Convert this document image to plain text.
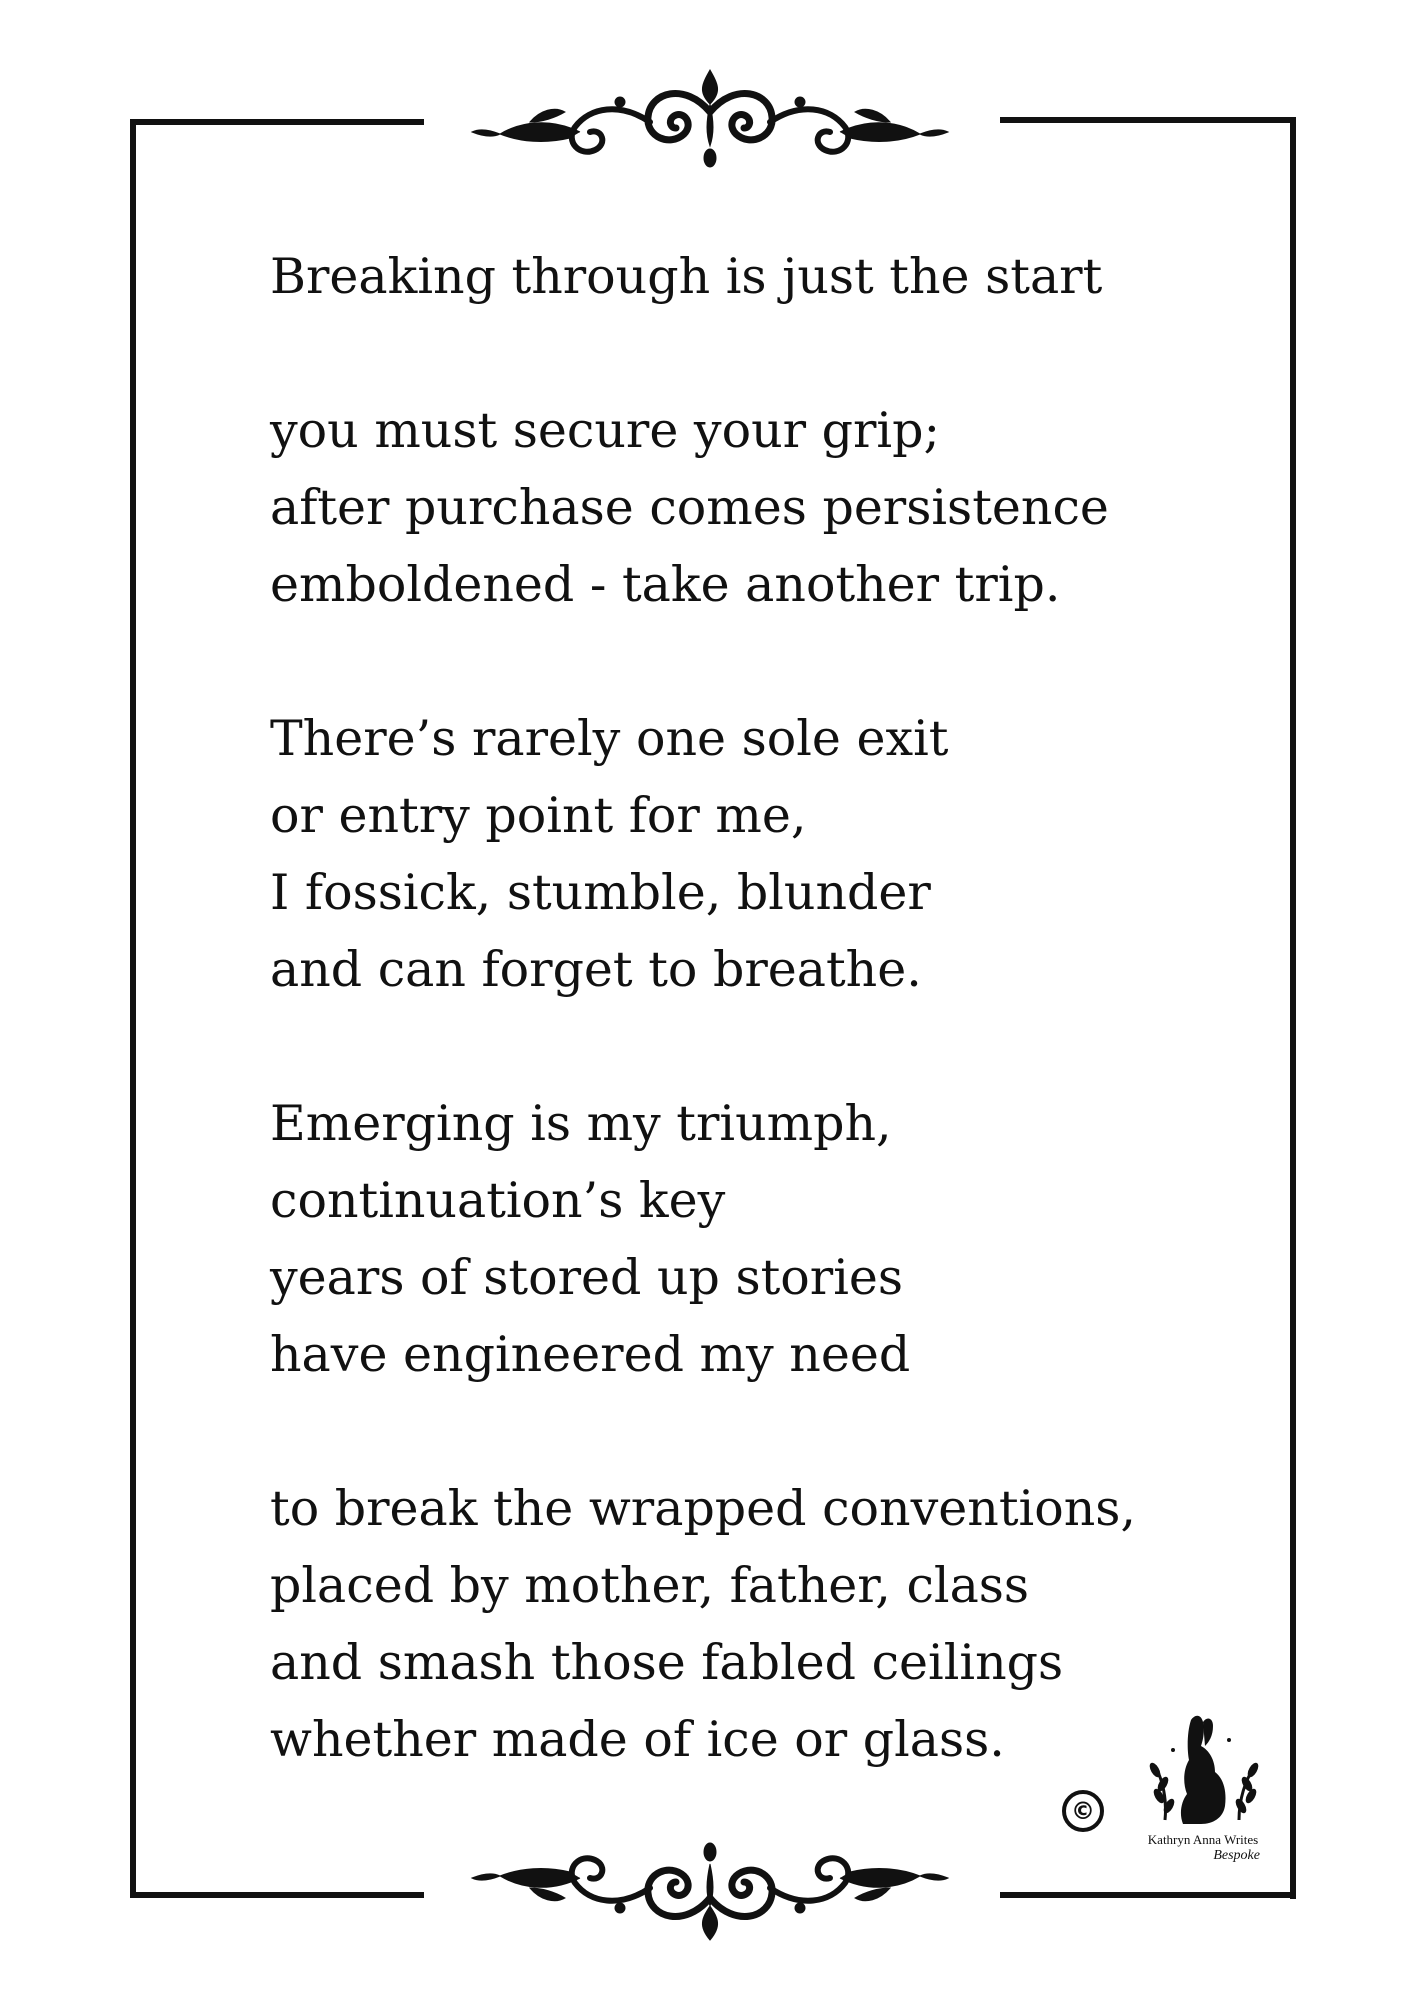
Breaking through is just the start
you must secure your grip;
after purchase comes persistence
emboldened - take another trip.
There’s rarely one sole exit
or entry point for me,
I fossick, stumble, blunder
and can forget to breathe.
Emerging is my triumph,
continuation’s key
years of stored up stories
have engineered my need
to break the wrapped conventions,
placed by mother, father, class
and smash those fabled ceilings
whether made of ice or glass.
©
Kathryn Anna Writes
Bespoke
